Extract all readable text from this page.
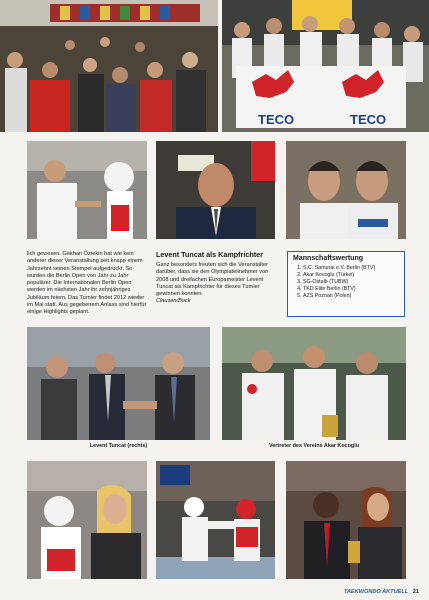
TECO	TECO
lich gewesen. Gökhan Öztekin hat wie kein anderer dieser Veranstaltung seit knapp einem Jahrzehnt seinen Stempel aufgedrückt. So wurden die Berlin Open von Jahr zu Jahr populärer. Die Internationalen Berlin Open werden im nächsten Jahr ihr zehnjähriges Jubiläum feiern. Das Turnier findet 2012 wieder im Mai statt. Aus gegebenem Anlass sind hierfür einige Highlights geplant.
Levent Tuncat als Kampfrichter
Ganz besonders freuten sich die Veranstalter darüber, dass sie den Olympiateilnehmer von 2008 und dreifachen Europameister Levent Tuncat als Kampfrichter für dieses Turnier gewinnen konnten.
Clausen/Bock
Mannschaftswertung
1. S.C. Samurai e.V. Berlin (BTV)
2. Akar Kocoglu (Türkei)
3. SG-Ostalb (TUBW)
4. TKD Elite Berlin (BTV)
5. AZS Poznan (Polen)
Levent Tuncat (rechts)	Vertreter des Vereins Akar Kocoglu
TAEKWONDO AKTUELL 21
